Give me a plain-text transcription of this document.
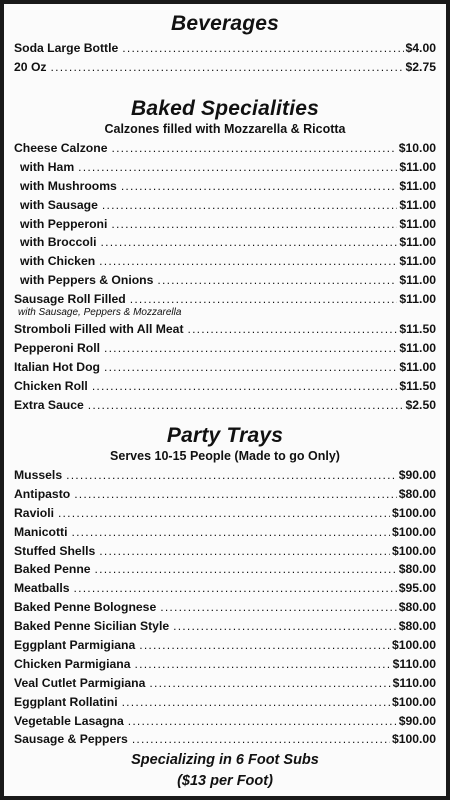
Beverages
Soda Large Bottle .....	$4.00
20 Oz .....	$2.75
Baked Specialities
Calzones filled with Mozzarella & Ricotta
Cheese Calzone .....	$10.00
with Ham .....	$11.00
with Mushrooms .....	$11.00
with Sausage .....	$11.00
with Pepperoni .....	$11.00
with Broccoli .....	$11.00
with Chicken .....	$11.00
with Peppers & Onions .....	$11.00
Sausage Roll Filled .....	$11.00
with Sausage, Peppers & Mozzarella
Stromboli Filled with All Meat .....	$11.50
Pepperoni Roll .....	$11.00
Italian Hot Dog .....	$11.00
Chicken Roll .....	$11.50
Extra Sauce .....	$2.50
Party Trays
Serves 10-15 People (Made to go Only)
Mussels .....	$90.00
Antipasto .....	$80.00
Ravioli .....	$100.00
Manicotti .....	$100.00
Stuffed Shells .....	$100.00
Baked Penne .....	$80.00
Meatballs .....	$95.00
Baked Penne Bolognese .....	$80.00
Baked Penne Sicilian Style .....	$80.00
Eggplant Parmigiana .....	$100.00
Chicken Parmigiana .....	$110.00
Veal Cutlet Parmigiana .....	$110.00
Eggplant Rollatini .....	$100.00
Vegetable Lasagna .....	$90.00
Sausage & Peppers .....	$100.00
Specializing in 6 Foot Subs
($13 per Foot)
